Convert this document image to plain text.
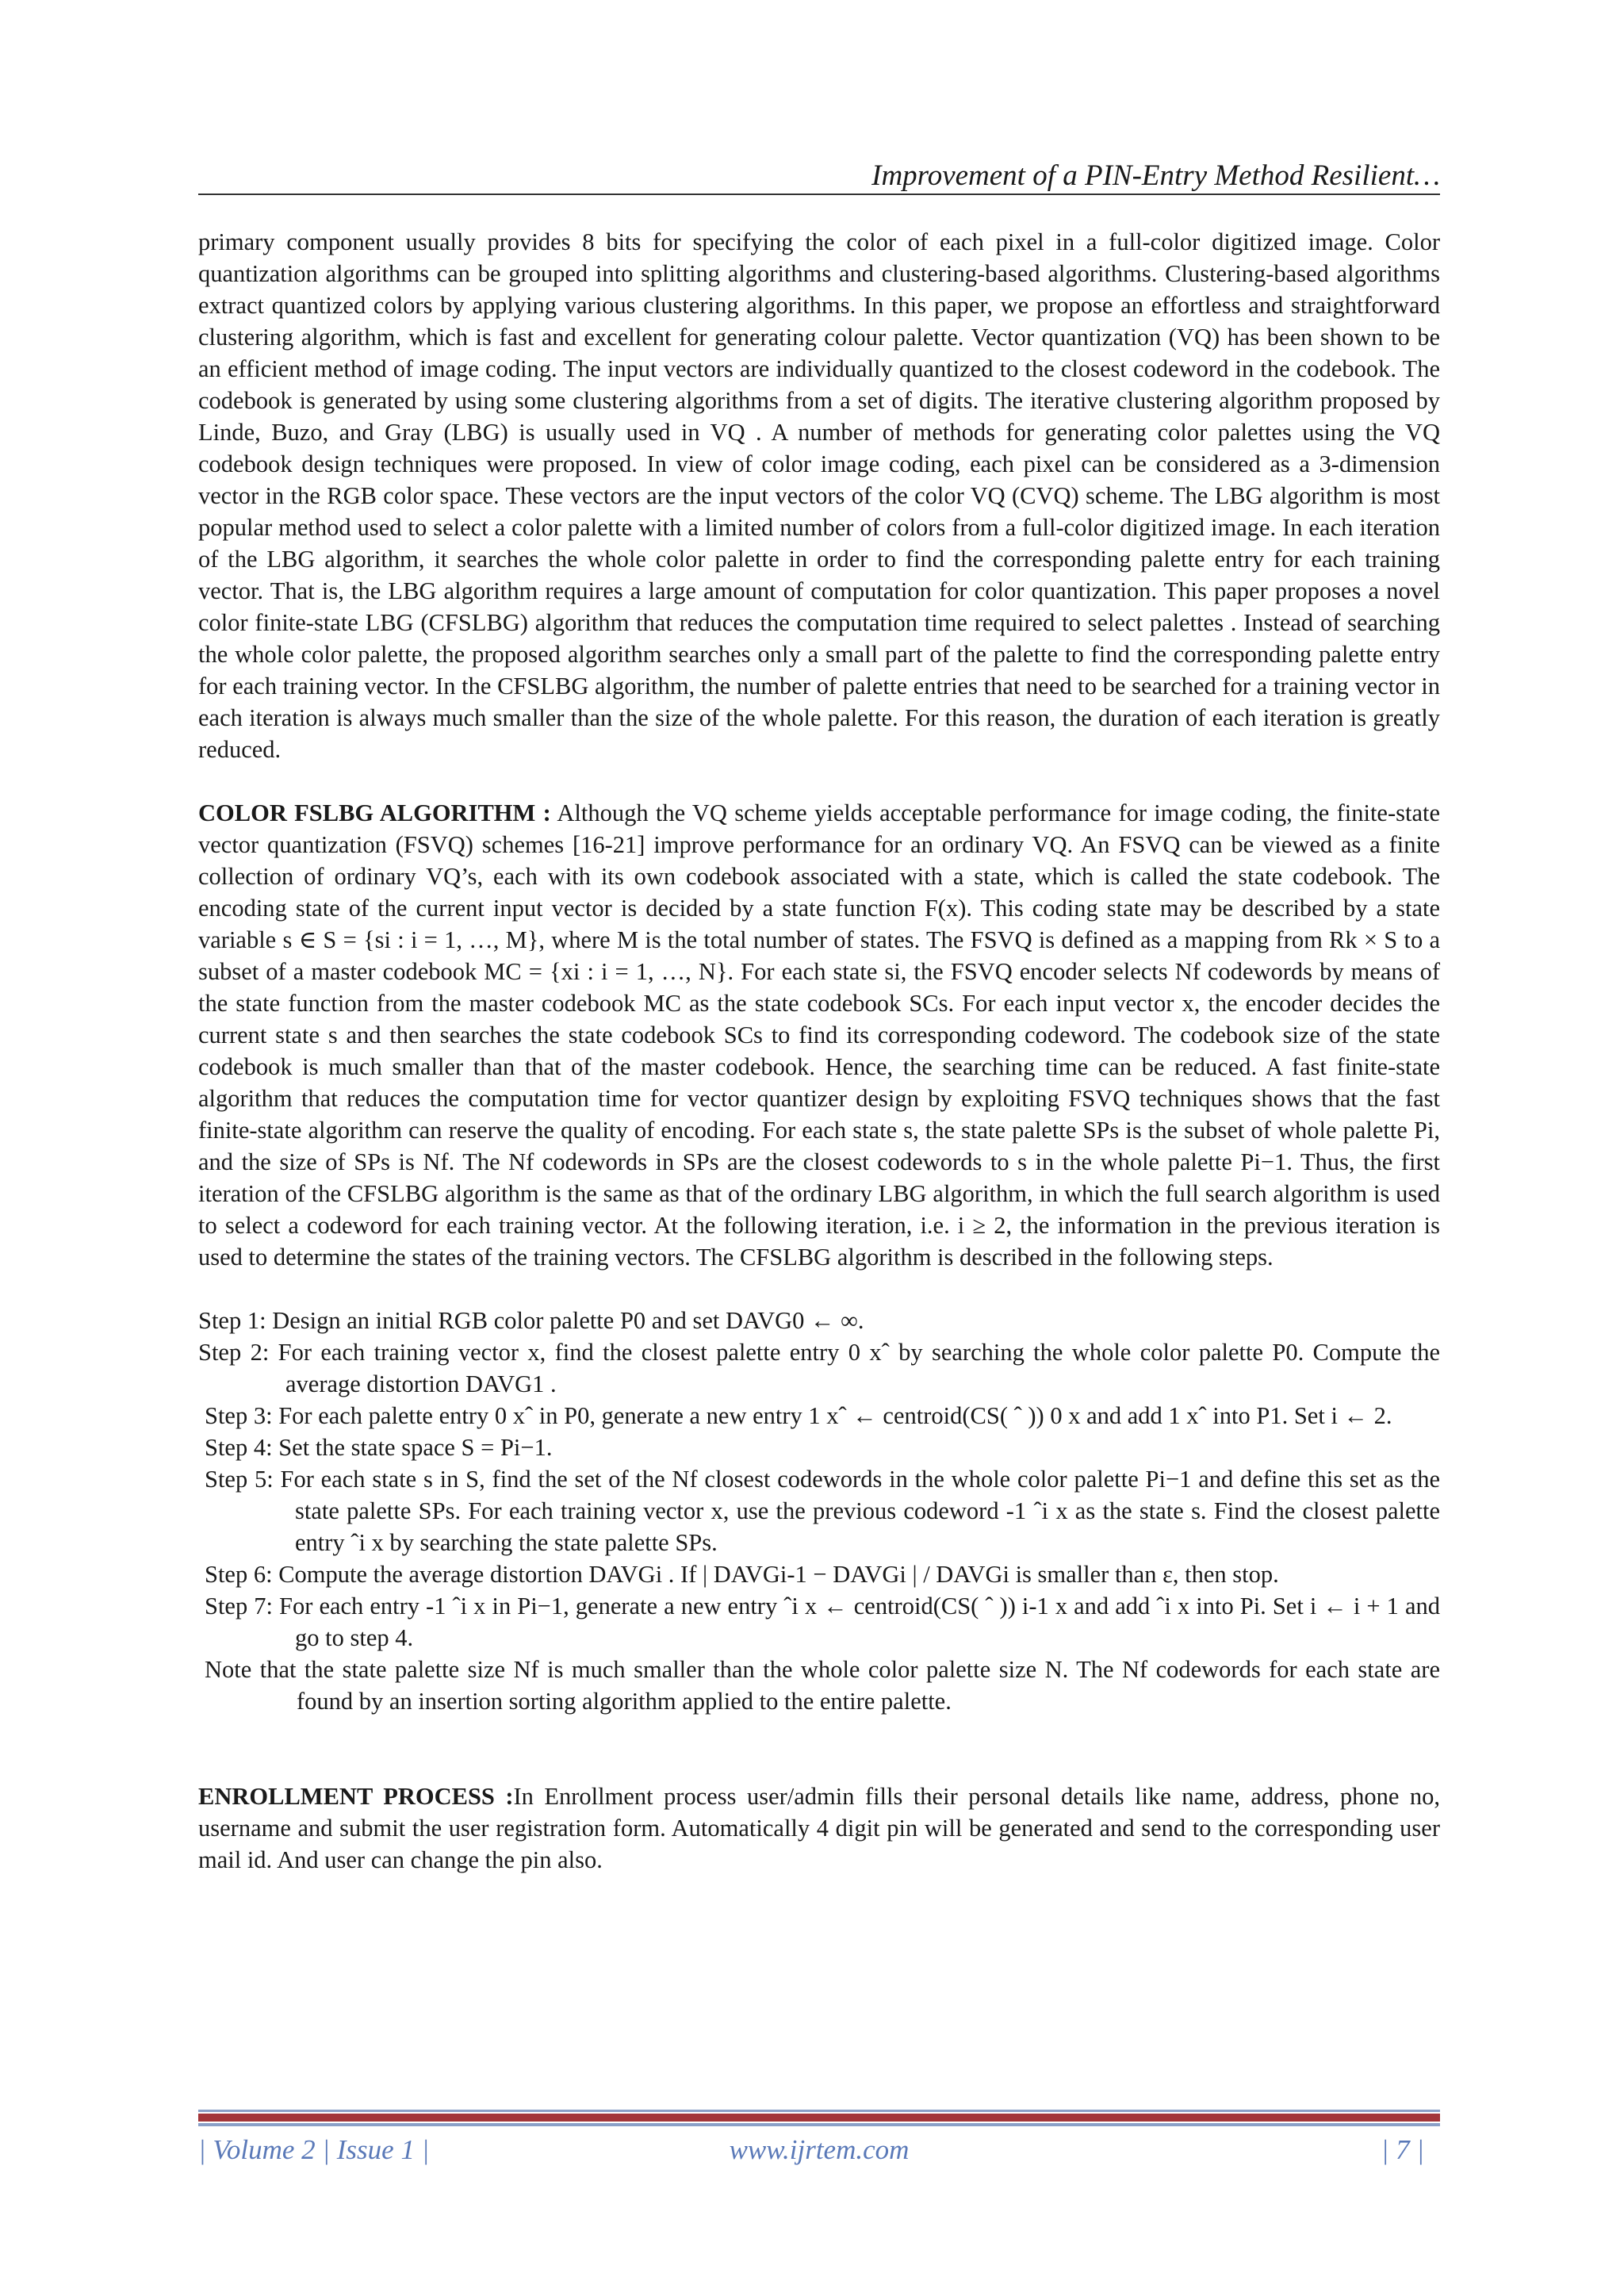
Improvement of a PIN-Entry Method Resilient…

primary component usually provides 8 bits for specifying the color of each pixel in a full-color digitized image. Color quantization algorithms can be grouped into splitting algorithms and clustering-based algorithms. Clustering-based algorithms extract quantized colors by applying various clustering algorithms. In this paper, we propose an effortless and straightforward clustering algorithm, which is fast and excellent for generating colour palette. Vector quantization (VQ) has been shown to be an efficient method of image coding. The input vectors are individually quantized to the closest codeword in the codebook. The codebook is generated by using some clustering algorithms from a set of digits. The iterative clustering algorithm proposed by Linde, Buzo, and Gray (LBG) is usually used in VQ . A number of methods for generating color palettes using the VQ codebook design techniques were proposed. In view of color image coding, each pixel can be considered as a 3-dimension vector in the RGB color space. These vectors are the input vectors of the color VQ (CVQ) scheme. The LBG algorithm is most popular method used to select a color palette with a limited number of colors from a full-color digitized image. In each iteration of the LBG algorithm, it searches the whole color palette in order to find the corresponding palette entry for each training vector. That is, the LBG algorithm requires a large amount of computation for color quantization. This paper proposes a novel color finite-state LBG (CFSLBG) algorithm that reduces the computation time required to select palettes . Instead of searching the whole color palette, the proposed algorithm searches only a small part of the palette to find the corresponding palette entry for each training vector. In the CFSLBG algorithm, the number of palette entries that need to be searched for a training vector in each iteration is always much smaller than the size of the whole palette. For this reason, the duration of each iteration is greatly reduced.

COLOR FSLBG ALGORITHM : Although the VQ scheme yields acceptable performance for image coding, the finite-state vector quantization (FSVQ) schemes [16-21] improve performance for an ordinary VQ. An FSVQ can be viewed as a finite collection of ordinary VQ’s, each with its own codebook associated with a state, which is called the state codebook. The encoding state of the current input vector is decided by a state function F(x). This coding state may be described by a state variable s ∈ S = {si : i = 1, …, M}, where M is the total number of states. The FSVQ is defined as a mapping from Rk × S to a subset of a master codebook MC = {xi : i = 1, …, N}. For each state si, the FSVQ encoder selects Nf codewords by means of the state function from the master codebook MC as the state codebook SCs. For each input vector x, the encoder decides the current state s and then searches the state codebook SCs to find its corresponding codeword. The codebook size of the state codebook is much smaller than that of the master codebook. Hence, the searching time can be reduced. A fast finite-state algorithm that reduces the computation time for vector quantizer design by exploiting FSVQ techniques shows that the fast finite-state algorithm can reserve the quality of encoding. For each state s, the state palette SPs is the subset of whole palette Pi, and the size of SPs is Nf. The Nf codewords in SPs are the closest codewords to s in the whole palette Pi−1. Thus, the first iteration of the CFSLBG algorithm is the same as that of the ordinary LBG algorithm, in which the full search algorithm is used to select a codeword for each training vector. At the following iteration, i.e. i ≥ 2, the information in the previous iteration is used to determine the states of the training vectors. The CFSLBG algorithm is described in the following steps.

Step 1: Design an initial RGB color palette P0 and set DAVG0 ← ∞.

Step 2: For each training vector x, find the closest palette entry 0 xˆ by searching the whole color palette P0. Compute the average distortion DAVG1 .

Step 3: For each palette entry 0 xˆ in P0, generate a new entry 1 xˆ ← centroid(CS( ˆ )) 0 x and add 1 xˆ into P1. Set i ← 2.

Step 4: Set the state space S = Pi−1.

Step 5: For each state s in S, find the set of the Nf closest codewords in the whole color palette Pi−1 and define this set as the state palette SPs. For each training vector x, use the previous codeword -1 ˆi x as the state s. Find the closest palette entry ˆi x by searching the state palette SPs.

Step 6: Compute the average distortion DAVGi . If | DAVGi-1 − DAVGi | / DAVGi is smaller than ε, then stop.

Step 7: For each entry -1 ˆi x in Pi−1, generate a new entry ˆi x ← centroid(CS( ˆ )) i-1 x and add ˆi x into Pi. Set i ← i + 1 and go to step 4.

Note that the state palette size Nf is much smaller than the whole color palette size N. The Nf codewords for each state are found by an insertion sorting algorithm applied to the entire palette.

ENROLLMENT PROCESS :In Enrollment process user/admin fills their personal details like name, address, phone no, username and submit the user registration form. Automatically 4 digit pin will be generated and send to the corresponding user mail id. And user can change the pin also.

| Volume 2 | Issue 1 |	www.ijrtem.com	| 7 |
